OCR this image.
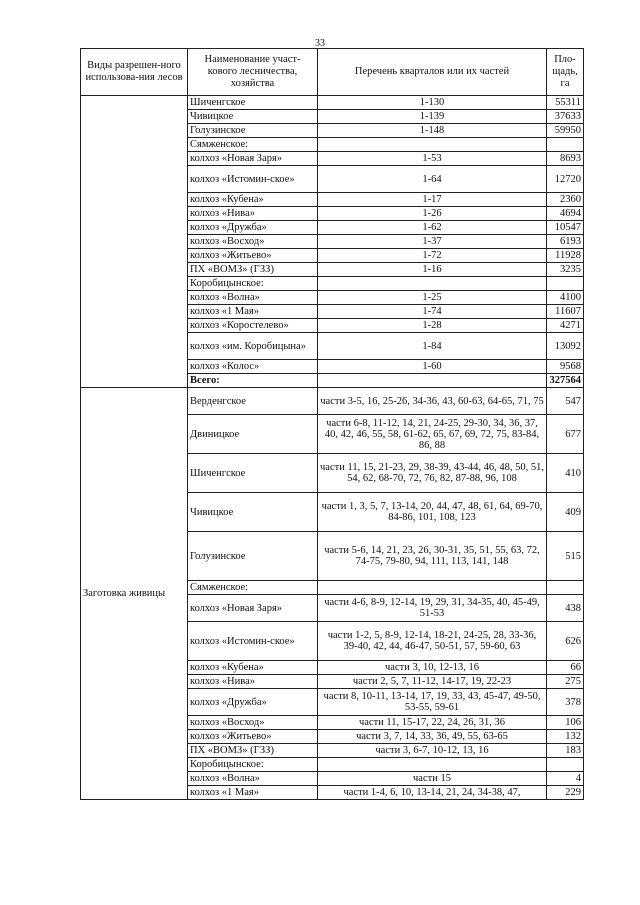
33
Виды разрешен-ного использова-ния лесов	Наименование участ-кового лесничества, хозяйства	Перечень кварталов или их частей	Пло-щадь, га
	Шиченгское	1-130	55311
	Чивицкое	1-139	37633
	Голузинское	1-148	59950
	Сямженское:		
	колхоз «Новая Заря»	1-53	8693
	колхоз «Истомин-ское»	1-64	12720
	колхоз «Кубена»	1-17	2360
	колхоз «Нива»	1-26	4694
	колхоз «Дружба»	1-62	10547
	колхоз «Восход»	1-37	6193
	колхоз «Житьево»	1-72	11928
	ПХ «ВОМЗ» (ГЗЗ)	1-16	3235
	Коробицынское:		
	колхоз «Волна»	1-25	4100
	колхоз «1 Мая»	1-74	11607
	колхоз «Коростелево»	1-28	4271
	колхоз «им. Коробицына»	1-84	13092
	колхоз «Колос»	1-60	9568
	Всего:		327564
Заготовка живицы	Верденгское	части 3-5, 16, 25-26, 34-36, 43, 60-63, 64-65, 71, 75	547
	Двиницкое	части 6-8, 11-12, 14, 21, 24-25, 29-30, 34, 36, 37, 40, 42, 46, 55, 58, 61-62, 65, 67, 69, 72, 75, 83-84, 86, 88	677
	Шиченгское	части 11, 15, 21-23, 29, 38-39, 43-44, 46, 48, 50, 51, 54, 62, 68-70, 72, 76, 82, 87-88, 96, 108	410
	Чивицкое	части 1, 3, 5, 7, 13-14, 20, 44, 47, 48, 61, 64, 69-70, 84-86, 101, 108, 123	409
	Голузинское	части 5-6, 14, 21, 23, 26, 30-31, 35, 51, 55, 63, 72, 74-75, 79-80, 94, 111, 113, 141, 148	515
	Сямженское:		
	колхоз «Новая Заря»	части 4-6, 8-9, 12-14, 19, 29, 31, 34-35, 40, 45-49, 51-53	438
	колхоз «Истомин-ское»	части 1-2, 5, 8-9, 12-14, 18-21, 24-25, 28, 33-36, 39-40, 42, 44, 46-47, 50-51, 57, 59-60, 63	626
	колхоз «Кубена»	части 3, 10, 12-13, 16	66
	колхоз «Нива»	части 2, 5, 7, 11-12, 14-17, 19, 22-23	275
	колхоз «Дружба»	части 8, 10-11, 13-14, 17, 19, 33, 43, 45-47, 49-50, 53-55, 59-61	378
	колхоз «Восход»	части 11, 15-17, 22, 24, 26, 31, 36	106
	колхоз «Житьево»	части 3, 7, 14, 33, 36, 49, 55, 63-65	132
	ПХ «ВОМЗ» (ГЗЗ)	части 3, 6-7, 10-12, 13, 16	183
	Коробицынское:		
	колхоз «Волна»	части 15	4
	колхоз «1 Мая»	части 1-4, 6, 10, 13-14, 21, 24, 34-38, 47,	229
